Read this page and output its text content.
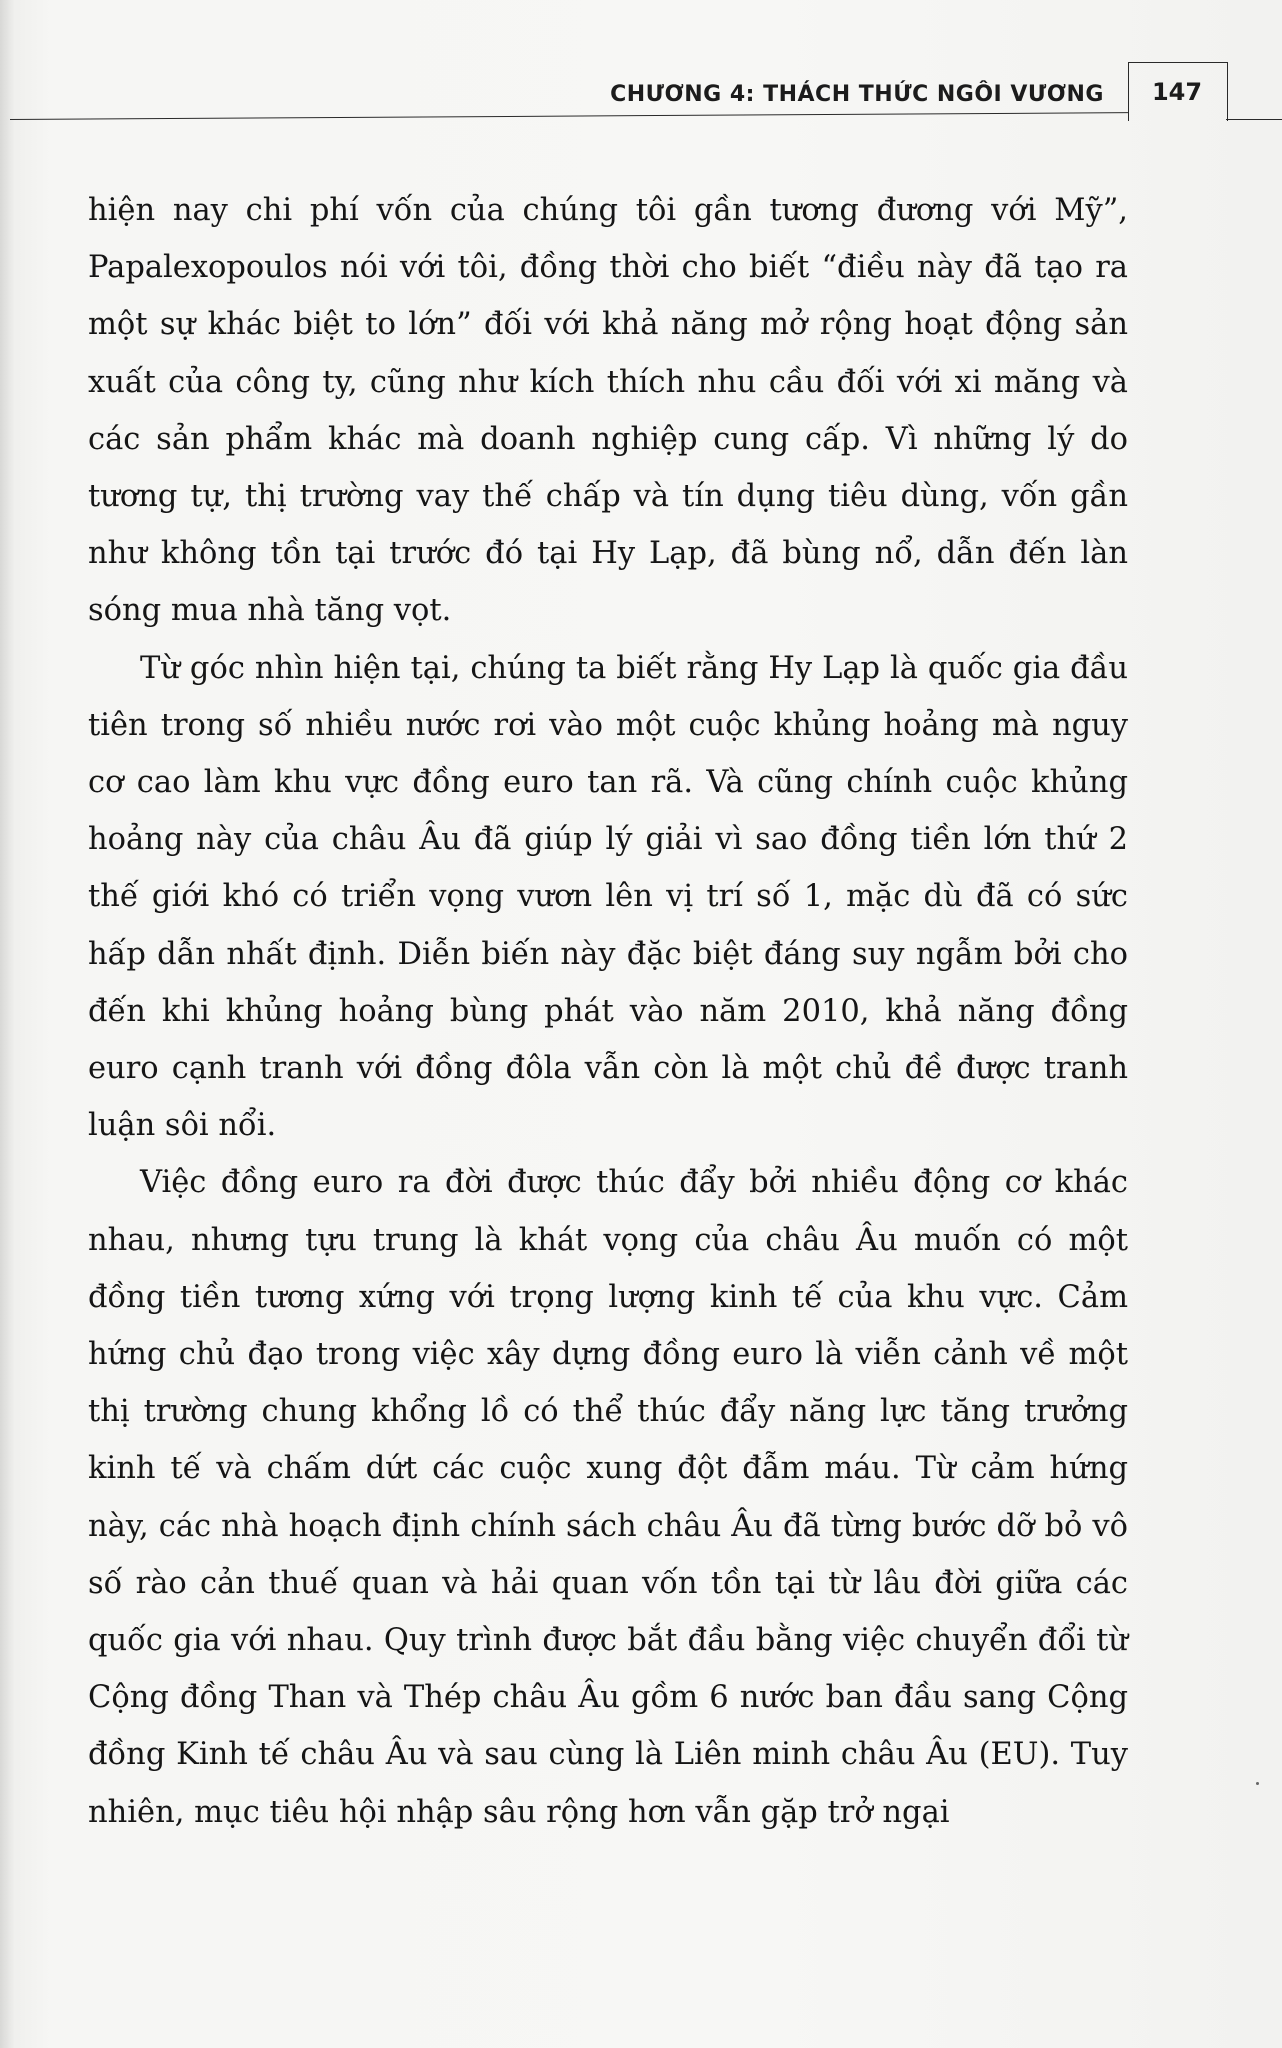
CHƯƠNG 4: THÁCH THỨC NGÔI VƯƠNG	147

hiện nay chi phí vốn của chúng tôi gần tương đương với Mỹ”, Papalexopoulos nói với tôi, đồng thời cho biết “điều này đã tạo ra một sự khác biệt to lớn” đối với khả năng mở rộng hoạt động sản xuất của công ty, cũng như kích thích nhu cầu đối với xi măng và các sản phẩm khác mà doanh nghiệp cung cấp. Vì những lý do tương tự, thị trường vay thế chấp và tín dụng tiêu dùng, vốn gần như không tồn tại trước đó tại Hy Lạp, đã bùng nổ, dẫn đến làn sóng mua nhà tăng vọt.

Từ góc nhìn hiện tại, chúng ta biết rằng Hy Lạp là quốc gia đầu tiên trong số nhiều nước rơi vào một cuộc khủng hoảng mà nguy cơ cao làm khu vực đồng euro tan rã. Và cũng chính cuộc khủng hoảng này của châu Âu đã giúp lý giải vì sao đồng tiền lớn thứ 2 thế giới khó có triển vọng vươn lên vị trí số 1, mặc dù đã có sức hấp dẫn nhất định. Diễn biến này đặc biệt đáng suy ngẫm bởi cho đến khi khủng hoảng bùng phát vào năm 2010, khả năng đồng euro cạnh tranh với đồng đôla vẫn còn là một chủ đề được tranh luận sôi nổi.

Việc đồng euro ra đời được thúc đẩy bởi nhiều động cơ khác nhau, nhưng tựu trung là khát vọng của châu Âu muốn có một đồng tiền tương xứng với trọng lượng kinh tế của khu vực. Cảm hứng chủ đạo trong việc xây dựng đồng euro là viễn cảnh về một thị trường chung khổng lồ có thể thúc đẩy năng lực tăng trưởng kinh tế và chấm dứt các cuộc xung đột đẫm máu. Từ cảm hứng này, các nhà hoạch định chính sách châu Âu đã từng bước dỡ bỏ vô số rào cản thuế quan và hải quan vốn tồn tại từ lâu đời giữa các quốc gia với nhau. Quy trình được bắt đầu bằng việc chuyển đổi từ Cộng đồng Than và Thép châu Âu gồm 6 nước ban đầu sang Cộng đồng Kinh tế châu Âu và sau cùng là Liên minh châu Âu (EU). Tuy nhiên, mục tiêu hội nhập sâu rộng hơn vẫn gặp trở ngại
